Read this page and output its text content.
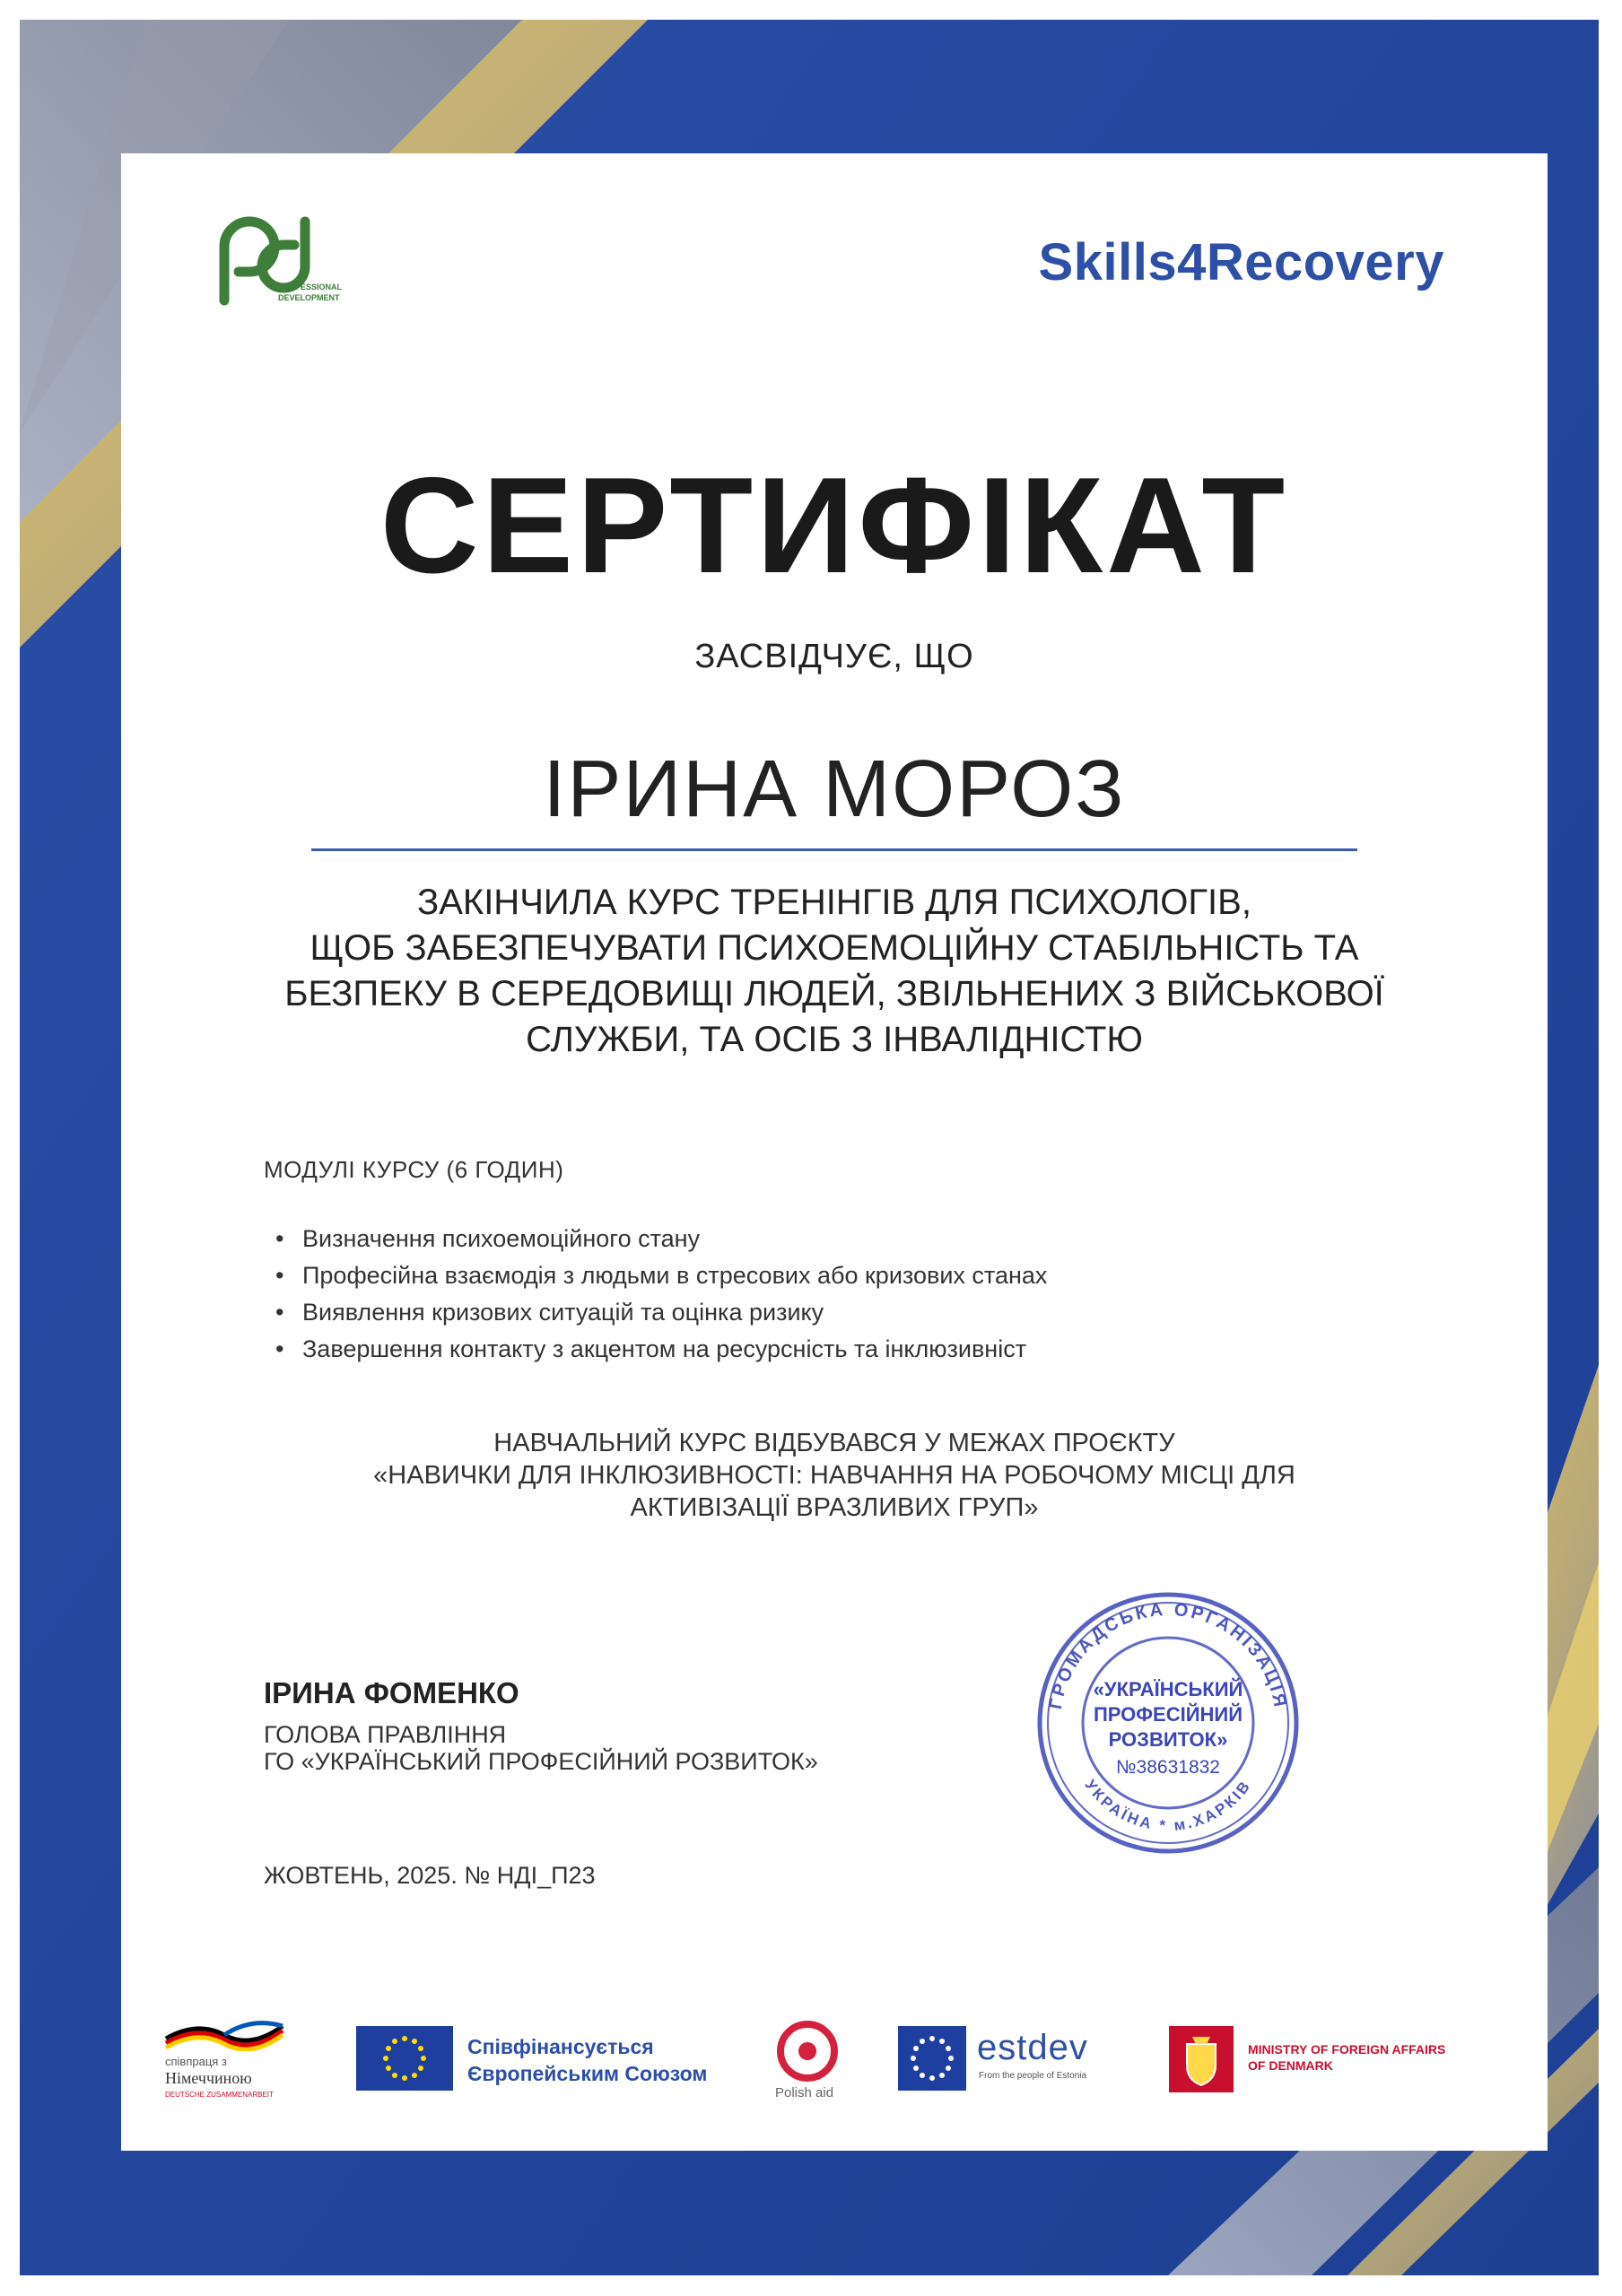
PROFESSIONAL
DEVELOPMENT
Skills4Recovery
СЕРТИФІКАТ
ЗАСВІДЧУЄ, ЩО
ІРИНА МОРОЗ
ЗАКІНЧИЛА КУРС ТРЕНІНГІВ ДЛЯ ПСИХОЛОГІВ,
ЩОБ ЗАБЕЗПЕЧУВАТИ ПСИХОЕМОЦІЙНУ СТАБІЛЬНІСТЬ ТА
БЕЗПЕКУ В СЕРЕДОВИЩІ ЛЮДЕЙ, ЗВІЛЬНЕНИХ З ВІЙСЬКОВОЇ
СЛУЖБИ, ТА ОСІБ З ІНВАЛІДНІСТЮ
МОДУЛІ КУРСУ (6 ГОДИН)
• Визначення психоемоційного стану
• Професійна взаємодія з людьми в стресових або кризових станах
• Виявлення кризових ситуацій та оцінка ризику
• Завершення контакту з акцентом на ресурсність та інклюзивніст
НАВЧАЛЬНИЙ КУРС ВІДБУВАВСЯ У МЕЖАХ ПРОЄКТУ
«НАВИЧКИ ДЛЯ ІНКЛЮЗИВНОСТІ: НАВЧАННЯ НА РОБОЧОМУ МІСЦІ ДЛЯ
АКТИВІЗАЦІЇ ВРАЗЛИВИХ ГРУП»
ІРИНА ФОМЕНКО
ГОЛОВА ПРАВЛІННЯ
ГО «УКРАЇНСЬКИЙ ПРОФЕСІЙНИЙ РОЗВИТОК»
ЖОВТЕНЬ, 2025. № НДІ_П23
ГРОМАДСЬКА ОРГАНІЗАЦІЯ
УКРАЇНА * м.ХАРКІВ
«УКРАЇНСЬКИЙ
ПРОФЕСІЙНИЙ
РОЗВИТОК»
№38631832
співпраця з
Німеччиною
DEUTSCHE ZUSAMMENARBEIT
Співфінансується
Європейським Союзом
Polish aid
estdev
From the people of Estonia
MINISTRY OF FOREIGN AFFAIRS
OF DENMARK
